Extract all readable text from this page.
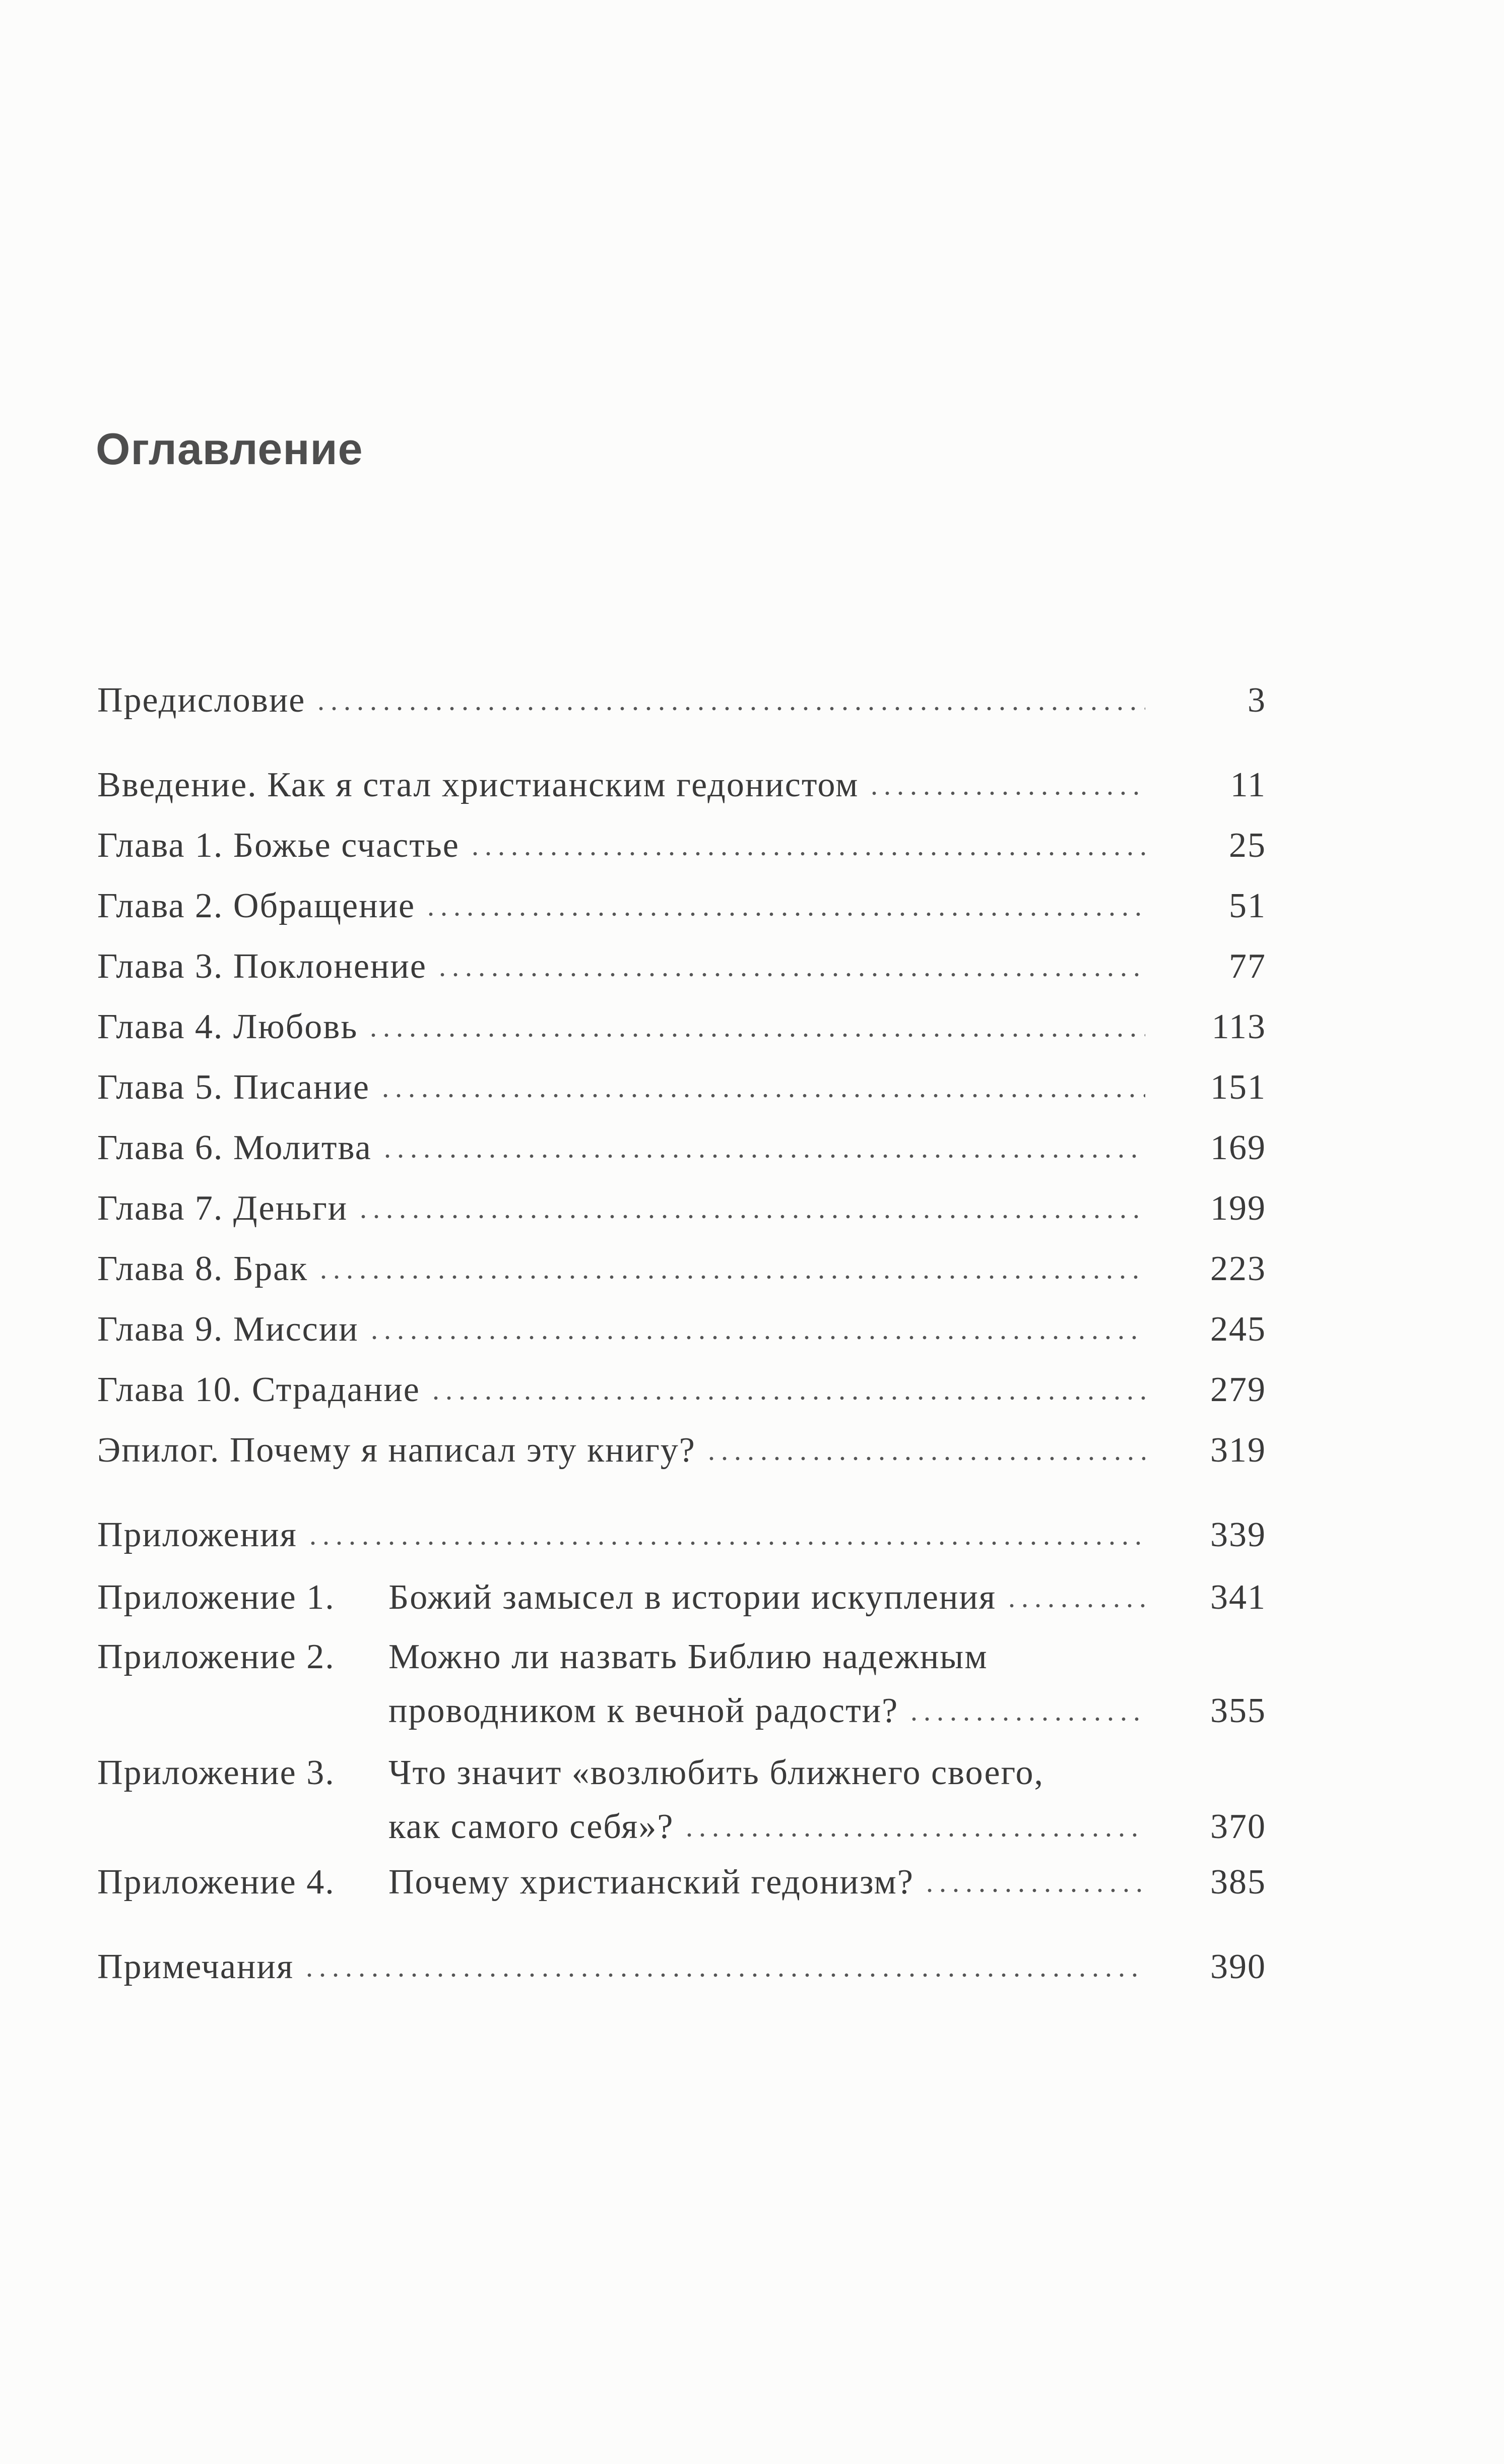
Оглавление
Предисловие	3
Введение. Как я стал христианским гедонистом	11
Глава 1. Божье счастье	25
Глава 2. Обращение	51
Глава 3. Поклонение	77
Глава 4. Любовь	113
Глава 5. Писание	151
Глава 6. Молитва	169
Глава 7. Деньги	199
Глава 8. Брак	223
Глава 9. Миссии	245
Глава 10. Страдание	279
Эпилог. Почему я написал эту книгу?	319
Приложения	339
Приложение 1.	Божий замысел в истории искупления	341
Приложение 2.	Можно ли назвать Библию надежным
проводником к вечной радости?	355
Приложение 3.	Что значит «возлюбить ближнего своего,
как самого себя»?	370
Приложение 4.	Почему христианский гедонизм?	385
Примечания	390
